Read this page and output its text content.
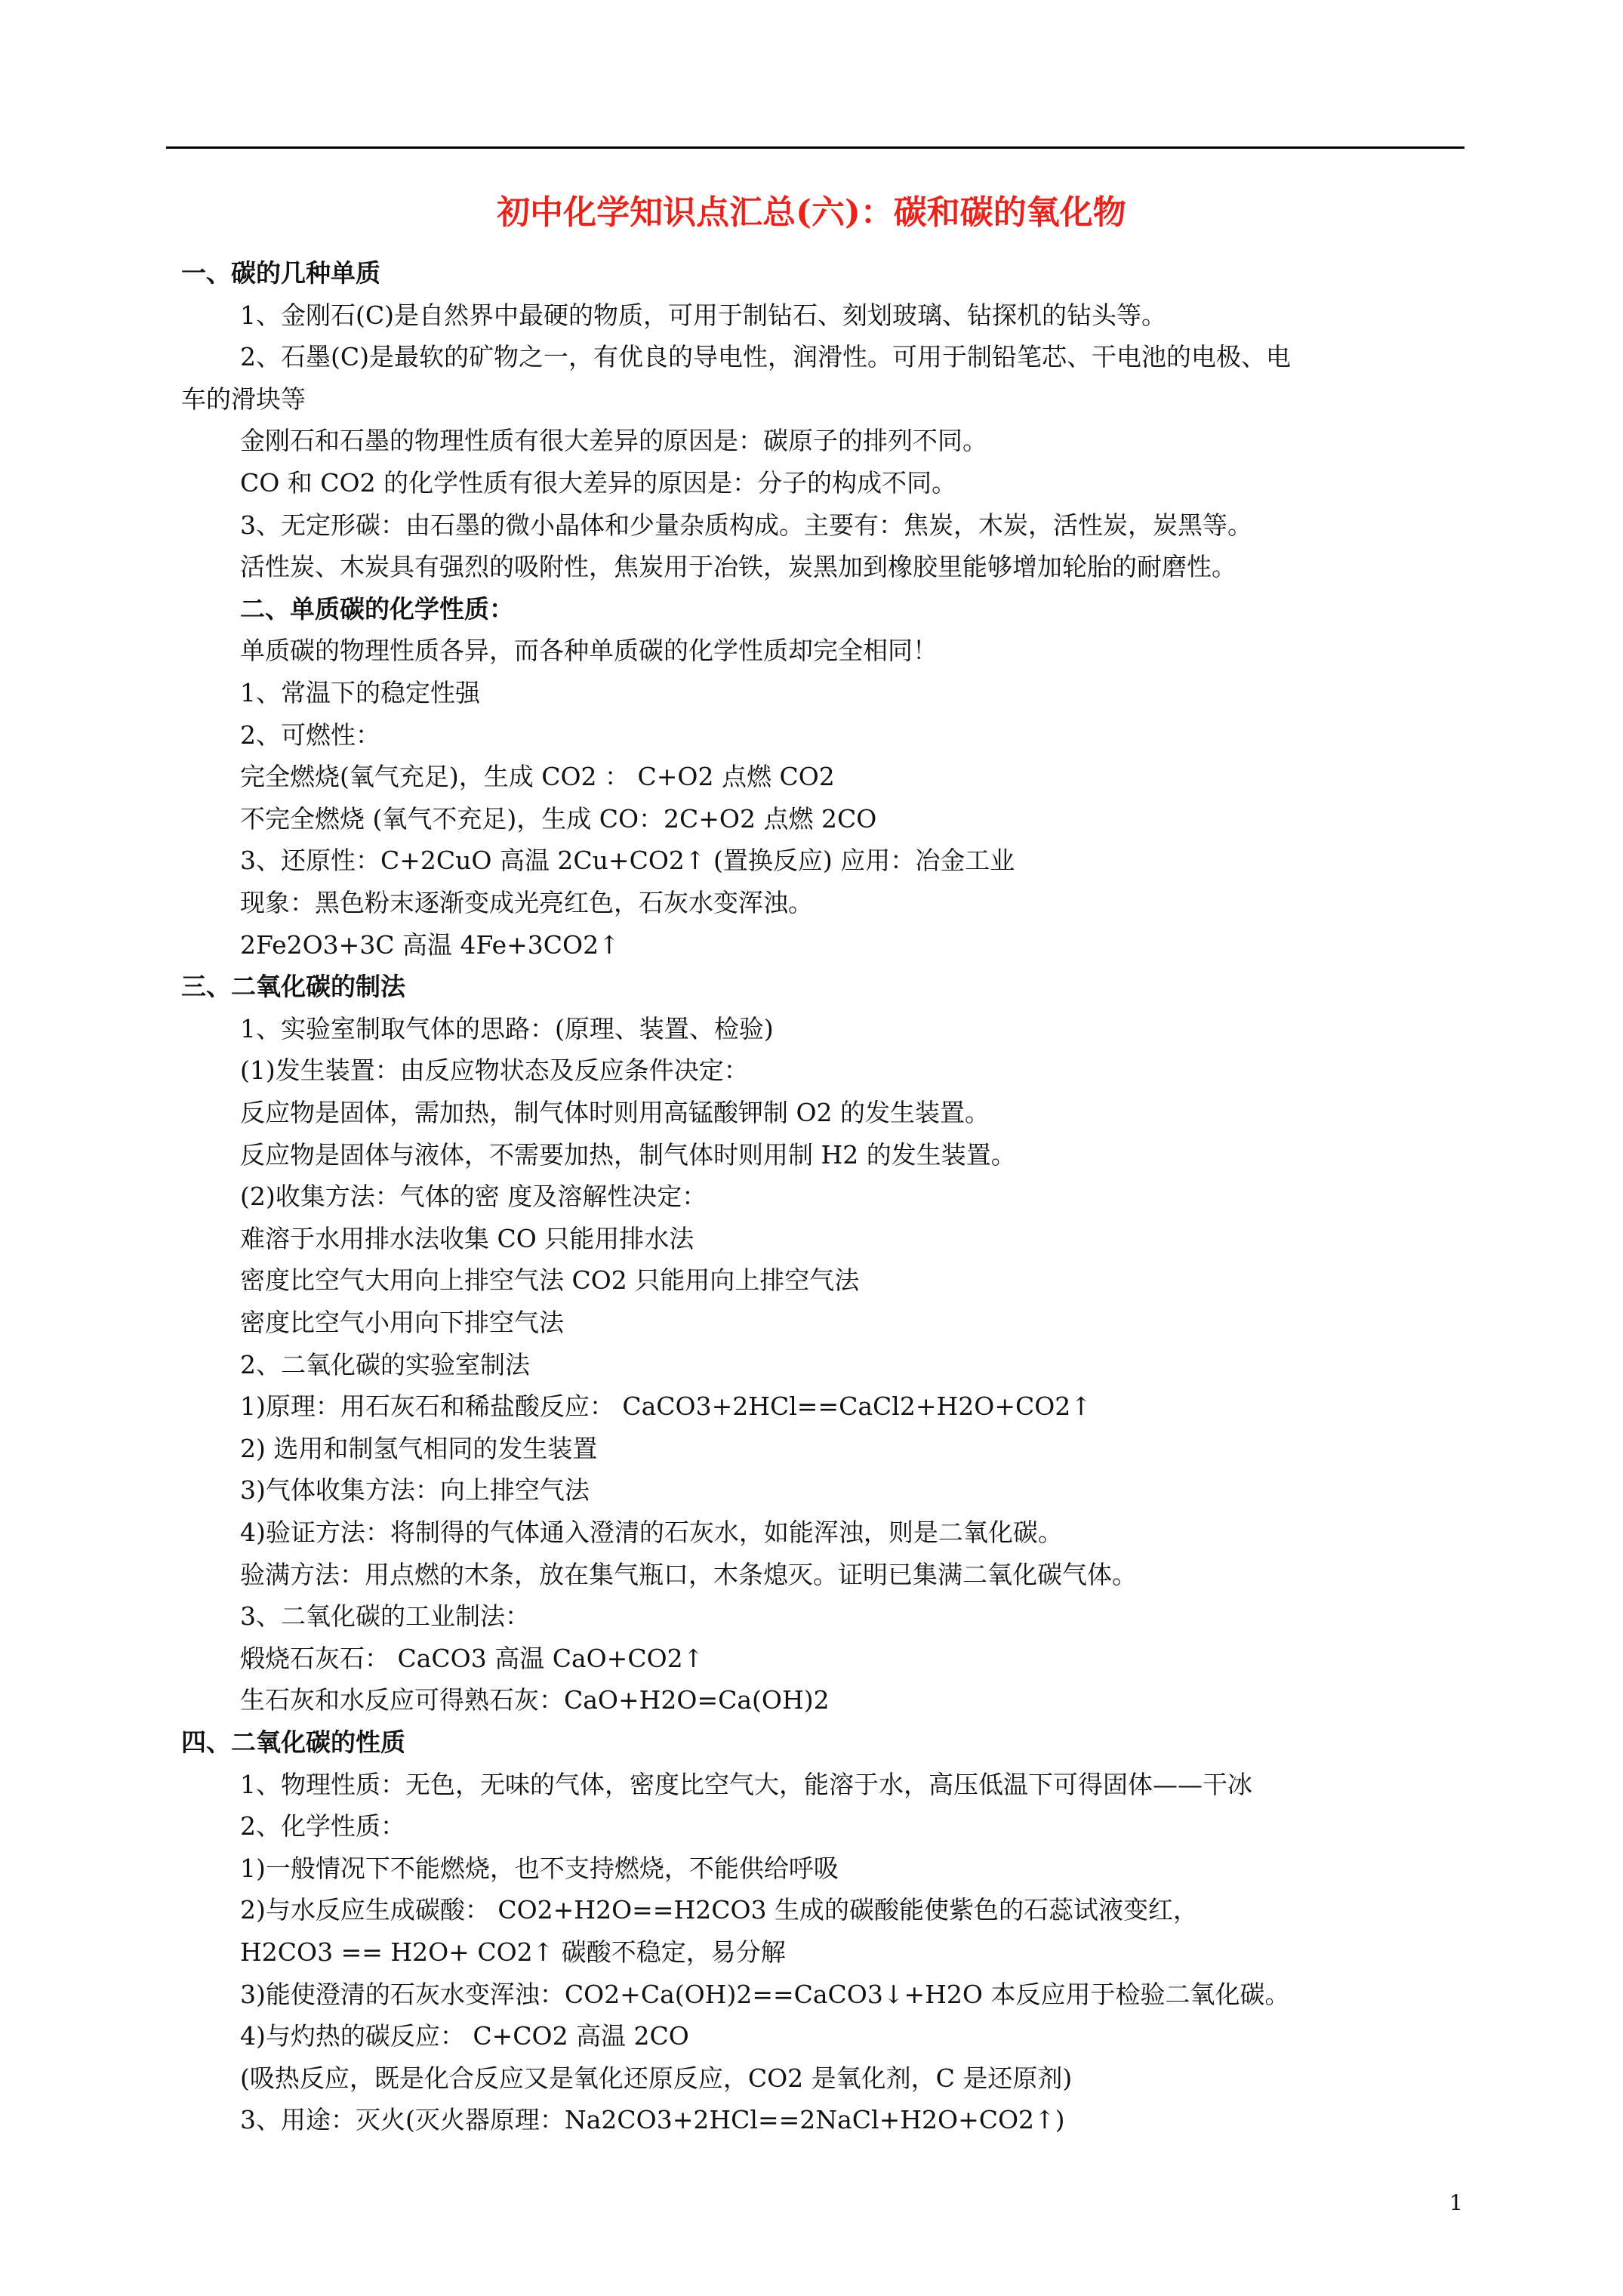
初中化学知识点汇总(六)：碳和碳的氧化物
一、碳的几种单质
1、金刚石(C)是自然界中最硬的物质，可用于制钻石、刻划玻璃、钻探机的钻头等。
2、石墨(C)是最软的矿物之一，有优良的导电性，润滑性。可用于制铅笔芯、干电池的电极、电
车的滑块等
金刚石和石墨的物理性质有很大差异的原因是：碳原子的排列不同。
CO 和 CO2 的化学性质有很大差异的原因是：分子的构成不同。
3、无定形碳：由石墨的微小晶体和少量杂质构成。主要有：焦炭，木炭，活性炭，炭黑等。
活性炭、木炭具有强烈的吸附性，焦炭用于冶铁，炭黑加到橡胶里能够增加轮胎的耐磨性。
二、单质碳的化学性质：
单质碳的物理性质各异，而各种单质碳的化学性质却完全相同！
1、常温下的稳定性强
2、可燃性：
完全燃烧(氧气充足)，生成 CO2 ： C+O2 点燃 CO2
不完全燃烧 (氧气不充足)，生成 CO：2C+O2 点燃 2CO
3、还原性：C+2CuO 高温 2Cu+CO2↑ (置换反应) 应用：冶金工业
现象：黑色粉末逐渐变成光亮红色，石灰水变浑浊。
2Fe2O3+3C 高温 4Fe+3CO2↑
三、二氧化碳的制法
1、实验室制取气体的思路：(原理、装置、检验)
(1)发生装置：由反应物状态及反应条件决定：
反应物是固体，需加热，制气体时则用高锰酸钾制 O2 的发生装置。
反应物是固体与液体，不需要加热，制气体时则用制 H2 的发生装置。
(2)收集方法：气体的密 度及溶解性决定：
难溶于水用排水法收集 CO 只能用排水法
密度比空气大用向上排空气法 CO2 只能用向上排空气法
密度比空气小用向下排空气法
2、二氧化碳的实验室制法
1)原理：用石灰石和稀盐酸反应： CaCO3+2HCl==CaCl2+H2O+CO2↑
2) 选用和制氢气相同的发生装置
3)气体收集方法：向上排空气法
4)验证方法：将制得的气体通入澄清的石灰水，如能浑浊，则是二氧化碳。
验满方法：用点燃的木条，放在集气瓶口，木条熄灭。证明已集满二氧化碳气体。
3、二氧化碳的工业制法：
煅烧石灰石： CaCO3 高温 CaO+CO2↑
生石灰和水反应可得熟石灰：CaO+H2O=Ca(OH)2
四、二氧化碳的性质
1、物理性质：无色，无味的气体，密度比空气大，能溶于水，高压低温下可得固体——干冰
2、化学性质：
1)一般情况下不能燃烧，也不支持燃烧，不能供给呼吸
2)与水反应生成碳酸： CO2+H2O==H2CO3 生成的碳酸能使紫色的石蕊试液变红，
H2CO3 == H2O+ CO2↑ 碳酸不稳定，易分解
3)能使澄清的石灰水变浑浊：CO2+Ca(OH)2==CaCO3↓+H2O 本反应用于检验二氧化碳。
4)与灼热的碳反应： C+CO2 高温 2CO
(吸热反应，既是化合反应又是氧化还原反应，CO2 是氧化剂，C 是还原剂)
3、用途：灭火(灭火器原理：Na2CO3+2HCl==2NaCl+H2O+CO2↑)
1
